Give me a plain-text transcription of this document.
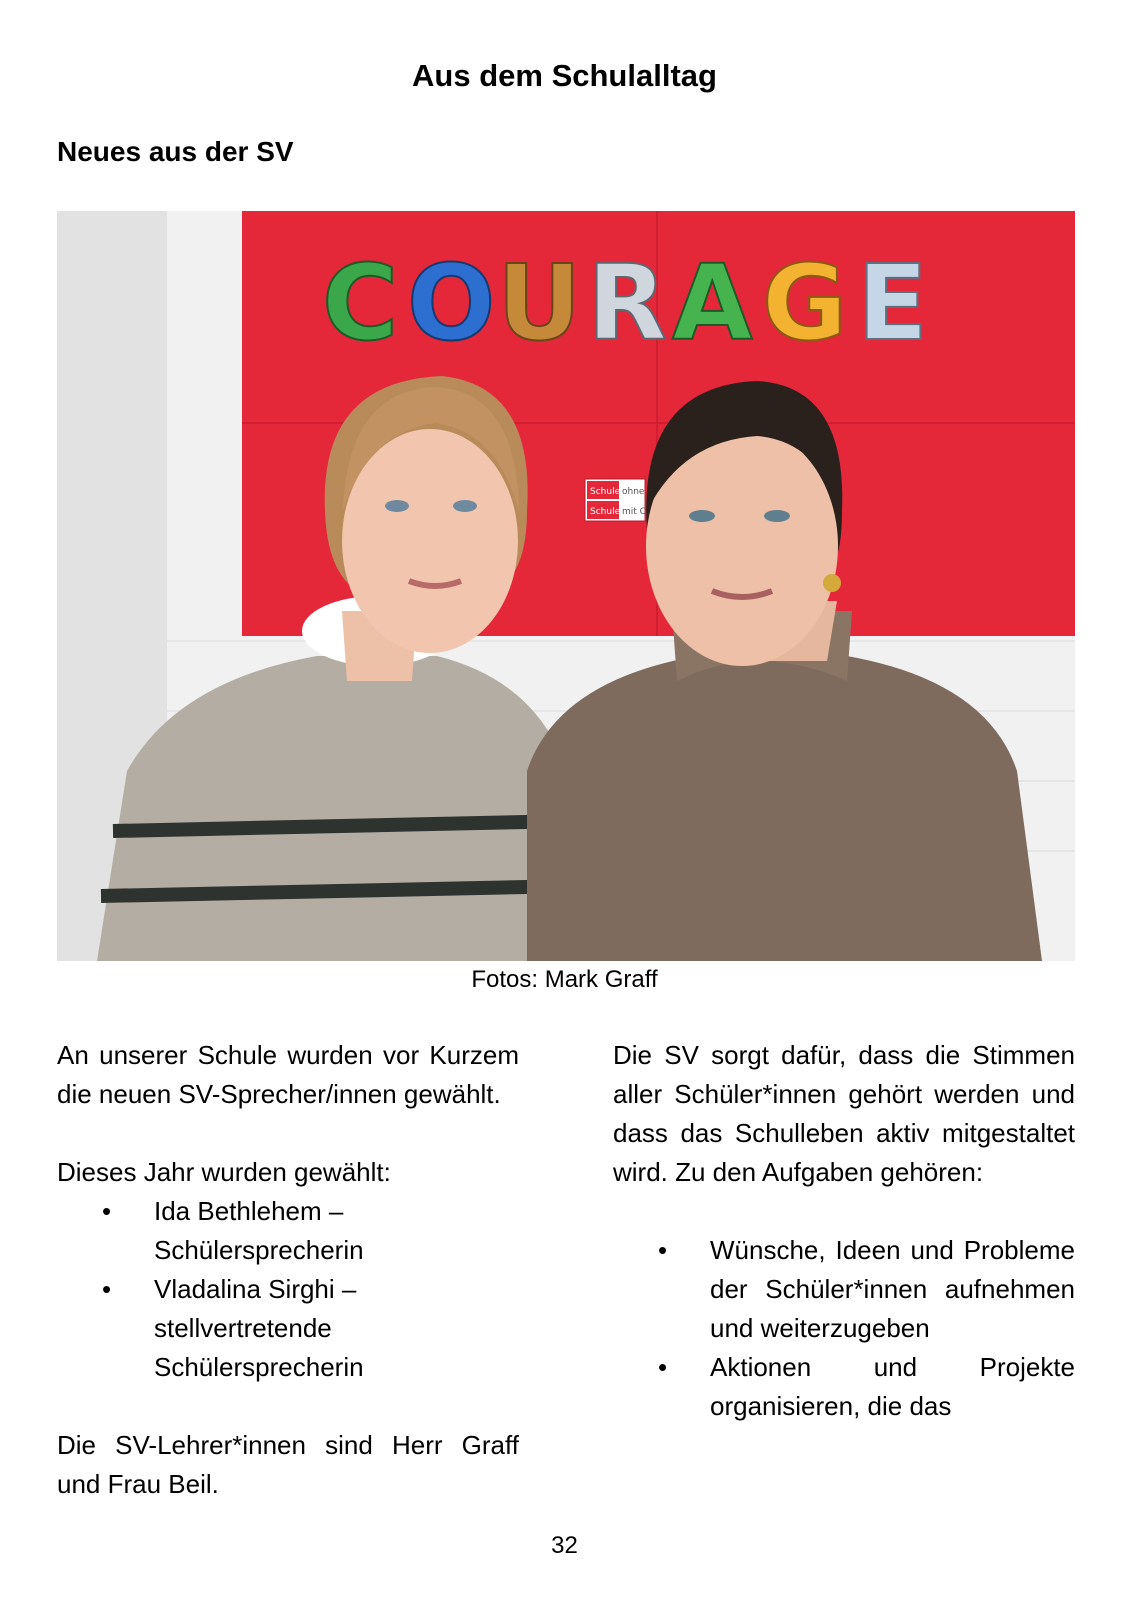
Aus dem Schulalltag
Neues aus der SV
C O U R A G E
Schule ohne
Schule mit C
Fotos: Mark Graff

An unserer Schule wurden vor Kurzem die neuen SV-Sprecher/innen gewählt.

Dieses Jahr wurden gewählt:

• Ida Bethlehem – Schülersprecherin
• Vladalina Sirghi – stellvertretende Schülersprecherin

Die SV-Lehrer*innen sind Herr Graff und Frau Beil.

Die SV sorgt dafür, dass die Stimmen aller Schüler*innen gehört werden und dass das Schulleben aktiv mitgestaltet wird. Zu den Aufgaben gehören:

• Wünsche, Ideen und Probleme der Schüler*innen aufnehmen und weiterzugeben
• Aktionen und Projekte organisieren, die das
32
